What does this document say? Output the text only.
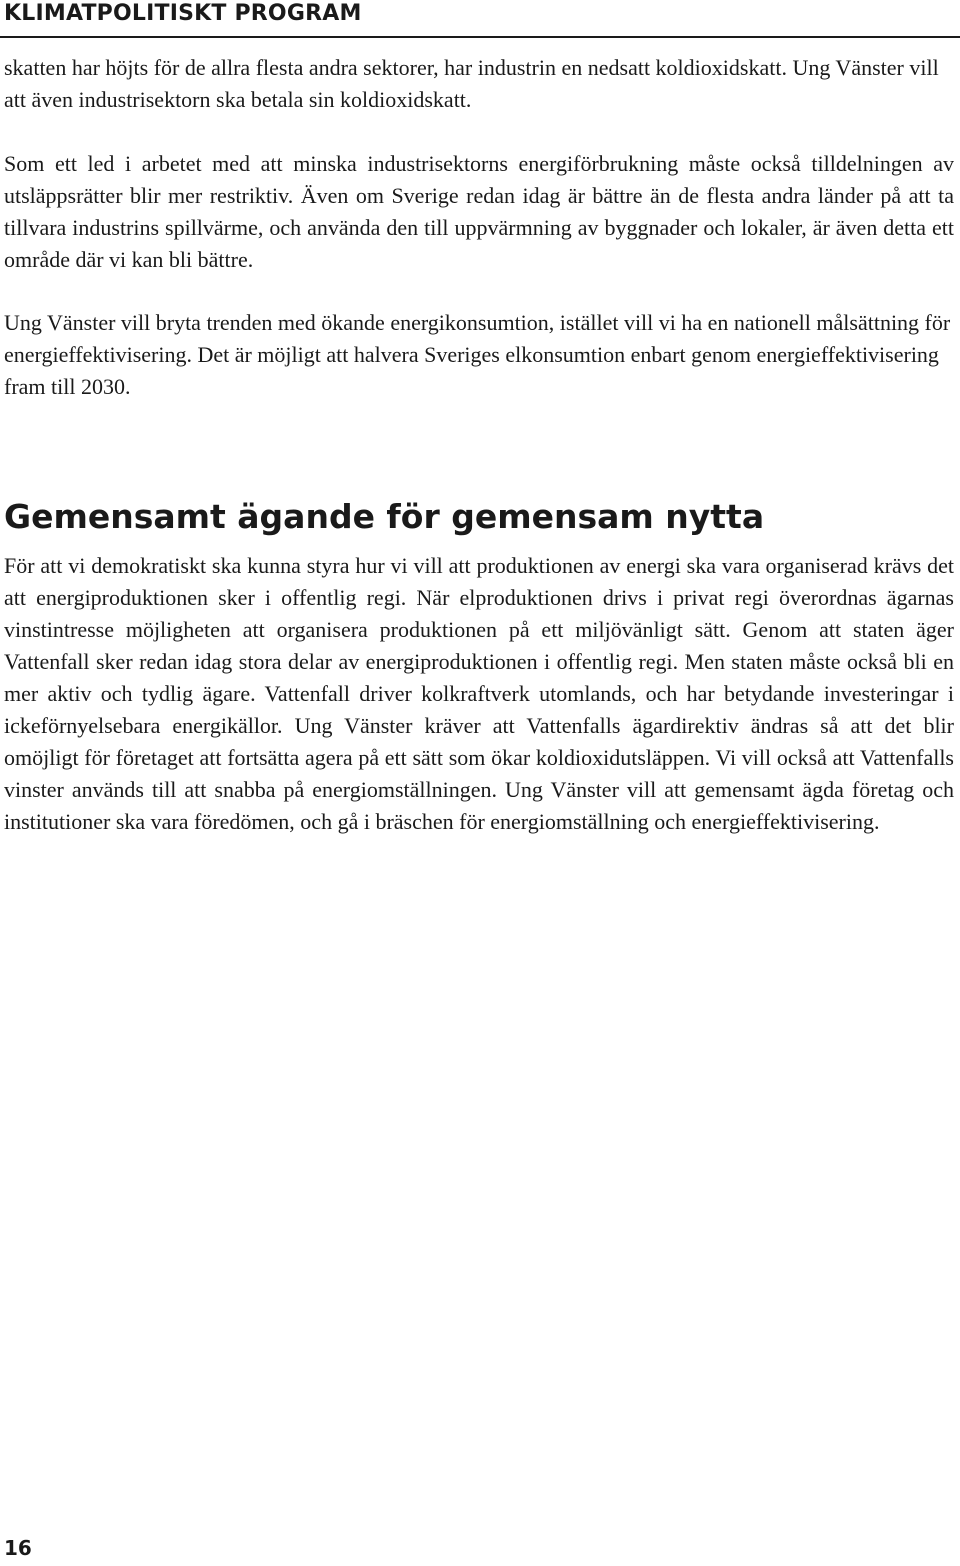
KLIMATPOLITISKT PROGRAM

skatten har höjts för de allra flesta andra sektorer, har industrin en nedsatt koldioxidskatt. Ung Vänster vill att även industrisektorn ska betala sin koldioxidskatt.

Som ett led i arbetet med att minska industrisektorns energiförbrukning måste också tilldelningen av utsläppsrätter blir mer restriktiv. Även om Sverige redan idag är bättre än de flesta andra länder på att ta tillvara industrins spillvärme, och använda den till uppvärmning av byggnader och lokaler, är även detta ett område där vi kan bli bättre.

Ung Vänster vill bryta trenden med ökande energikonsumtion, istället vill vi ha en nationell målsättning för energieffektivisering. Det är möjligt att halvera Sveriges elkonsumtion enbart genom energieffektivisering fram till 2030.

Gemensamt ägande för gemensam nytta

För att vi demokratiskt ska kunna styra hur vi vill att produktionen av energi ska vara organiserad krävs det att energiproduktionen sker i offentlig regi. När elproduktionen drivs i privat regi överordnas ägarnas vinstintresse möjligheten att organisera produktionen på ett miljövänligt sätt. Genom att staten äger Vattenfall sker redan idag stora delar av energiproduktionen i offentlig regi. Men staten måste också bli en mer aktiv och tydlig ägare. Vattenfall driver kolkraftverk utomlands, och har betydande investeringar i ickeförnyelsebara energikällor. Ung Vänster kräver att Vattenfalls ägardirektiv ändras så att det blir omöjligt för företaget att fortsätta agera på ett sätt som ökar koldioxidutsläppen. Vi vill också att Vattenfalls vinster används till att snabba på energiomställningen. Ung Vänster vill att gemensamt ägda företag och institutioner ska vara föredömen, och gå i bräschen för energiomställning och energieffektivisering.

16
